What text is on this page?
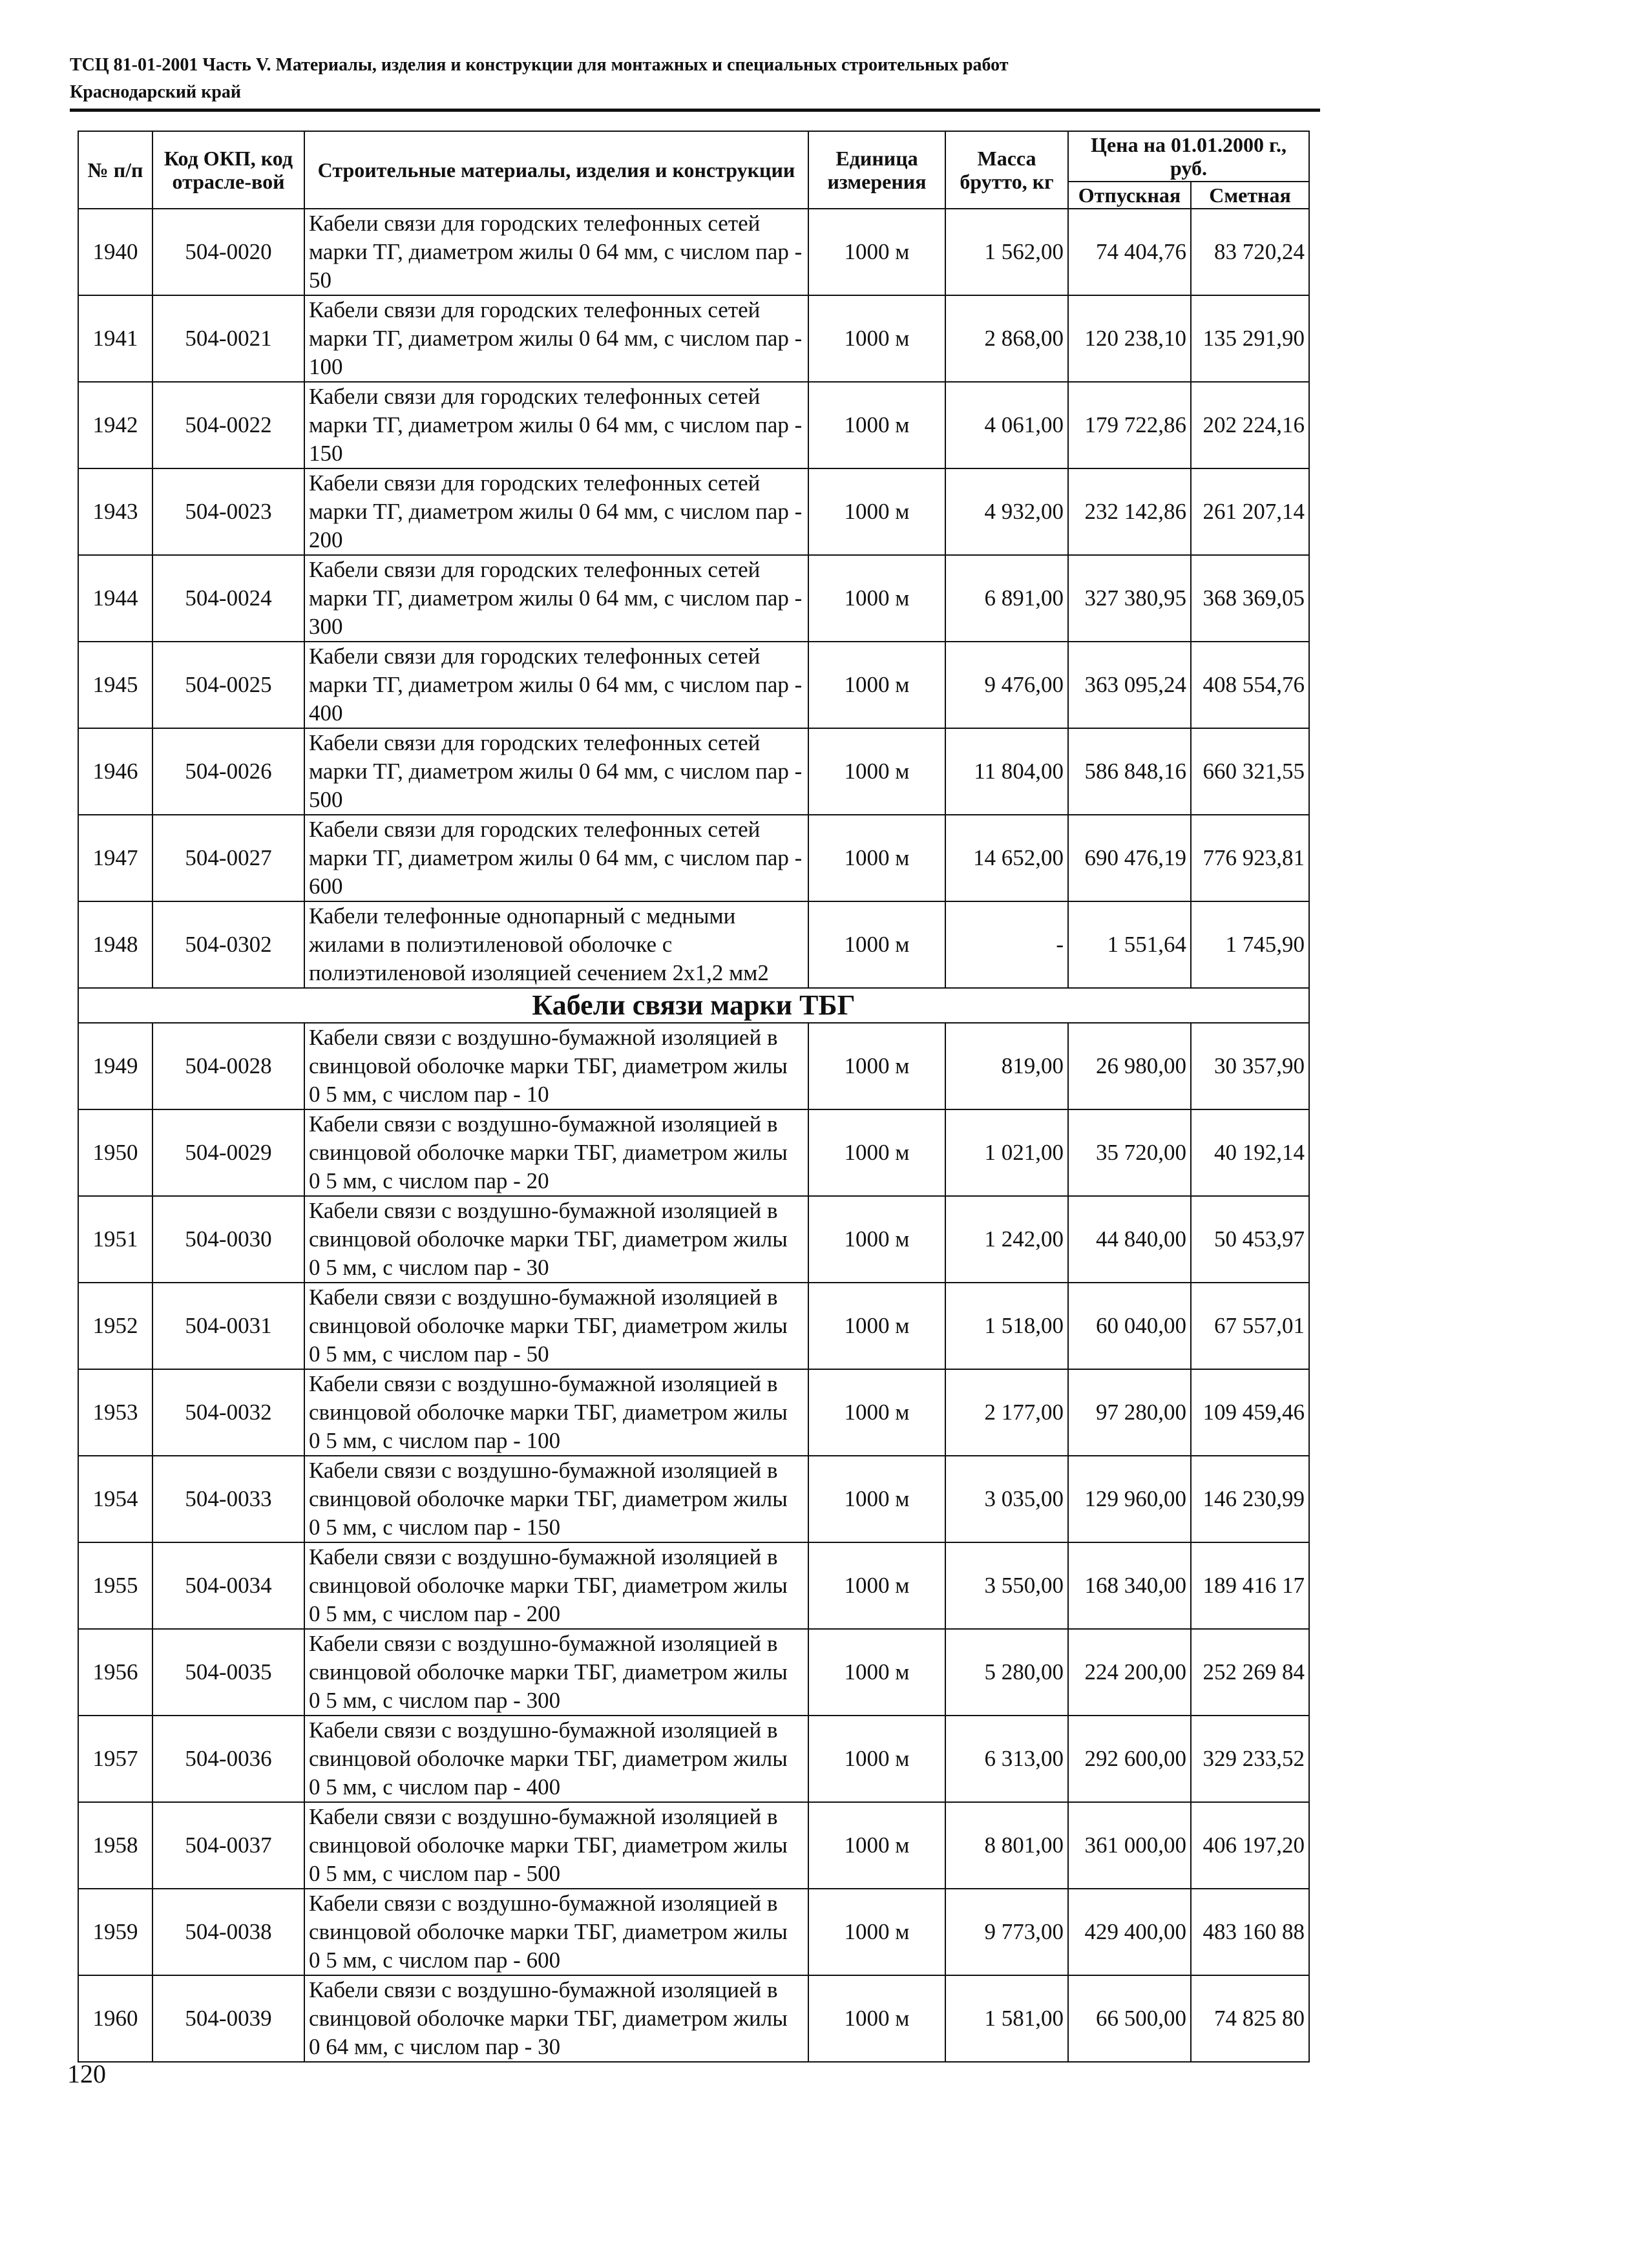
ТСЦ 81-01-2001 Часть V. Материалы, изделия и конструкции для монтажных и специальных строительных работ
Краснодарский край
№ п/п	Код ОКП, код отрасле-вой	Строительные материалы, изделия и конструкции	Единица измерения	Масса брутто, кг	Цена на 01.01.2000 г., руб.	
					Отпускная	Сметная
1940	504-0020	Кабели связи для городских телефонных сетей марки ТГ, диаметром жилы 0 64 мм, с числом пар - 50	1000 м	1 562,00	74 404,76	83 720,24
1941	504-0021	Кабели связи для городских телефонных сетей марки ТГ, диаметром жилы 0 64 мм, с числом пар - 100	1000 м	2 868,00	120 238,10	135 291,90
1942	504-0022	Кабели связи для городских телефонных сетей марки ТГ, диаметром жилы 0 64 мм, с числом пар - 150	1000 м	4 061,00	179 722,86	202 224,16
1943	504-0023	Кабели связи для городских телефонных сетей марки ТГ, диаметром жилы 0 64 мм, с числом пар - 200	1000 м	4 932,00	232 142,86	261 207,14
1944	504-0024	Кабели связи для городских телефонных сетей марки ТГ, диаметром жилы 0 64 мм, с числом пар - 300	1000 м	6 891,00	327 380,95	368 369,05
1945	504-0025	Кабели связи для городских телефонных сетей марки ТГ, диаметром жилы 0 64 мм, с числом пар - 400	1000 м	9 476,00	363 095,24	408 554,76
1946	504-0026	Кабели связи для городских телефонных сетей марки ТГ, диаметром жилы 0 64 мм, с числом пар - 500	1000 м	11 804,00	586 848,16	660 321,55
1947	504-0027	Кабели связи для городских телефонных сетей марки ТГ, диаметром жилы 0 64 мм, с числом пар - 600	1000 м	14 652,00	690 476,19	776 923,81
1948	504-0302	Кабели телефонные однопарный с медными жилами в полиэтиленовой оболочке с полиэтиленовой изоляцией сечением 2х1,2 мм2	1000 м	-	1 551,64	1 745,90
Кабели связи марки ТБГ						
1949	504-0028	Кабели связи с воздушно-бумажной изоляцией в свинцовой оболочке марки ТБГ, диаметром жилы 0 5 мм, с числом пар - 10	1000 м	819,00	26 980,00	30 357,90
1950	504-0029	Кабели связи с воздушно-бумажной изоляцией в свинцовой оболочке марки ТБГ, диаметром жилы 0 5 мм, с числом пар - 20	1000 м	1 021,00	35 720,00	40 192,14
1951	504-0030	Кабели связи с воздушно-бумажной изоляцией в свинцовой оболочке марки ТБГ, диаметром жилы 0 5 мм, с числом пар - 30	1000 м	1 242,00	44 840,00	50 453,97
1952	504-0031	Кабели связи с воздушно-бумажной изоляцией в свинцовой оболочке марки ТБГ, диаметром жилы 0 5 мм, с числом пар - 50	1000 м	1 518,00	60 040,00	67 557,01
1953	504-0032	Кабели связи с воздушно-бумажной изоляцией в свинцовой оболочке марки ТБГ, диаметром жилы 0 5 мм, с числом пар - 100	1000 м	2 177,00	97 280,00	109 459,46
1954	504-0033	Кабели связи с воздушно-бумажной изоляцией в свинцовой оболочке марки ТБГ, диаметром жилы 0 5 мм, с числом пар - 150	1000 м	3 035,00	129 960,00	146 230,99
1955	504-0034	Кабели связи с воздушно-бумажной изоляцией в свинцовой оболочке марки ТБГ, диаметром жилы 0 5 мм, с числом пар - 200	1000 м	3 550,00	168 340,00	189 416 17
1956	504-0035	Кабели связи с воздушно-бумажной изоляцией в свинцовой оболочке марки ТБГ, диаметром жилы 0 5 мм, с числом пар - 300	1000 м	5 280,00	224 200,00	252 269 84
1957	504-0036	Кабели связи с воздушно-бумажной изоляцией в свинцовой оболочке марки ТБГ, диаметром жилы 0 5 мм, с числом пар - 400	1000 м	6 313,00	292 600,00	329 233,52
1958	504-0037	Кабели связи с воздушно-бумажной изоляцией в свинцовой оболочке марки ТБГ, диаметром жилы 0 5 мм, с числом пар - 500	1000 м	8 801,00	361 000,00	406 197,20
1959	504-0038	Кабели связи с воздушно-бумажной изоляцией в свинцовой оболочке марки ТБГ, диаметром жилы 0 5 мм, с числом пар - 600	1000 м	9 773,00	429 400,00	483 160 88
1960	504-0039	Кабели связи с воздушно-бумажной изоляцией в свинцовой оболочке марки ТБГ, диаметром жилы 0 64 мм, с числом пар - 30	1000 м	1 581,00	66 500,00	74 825 80
120
